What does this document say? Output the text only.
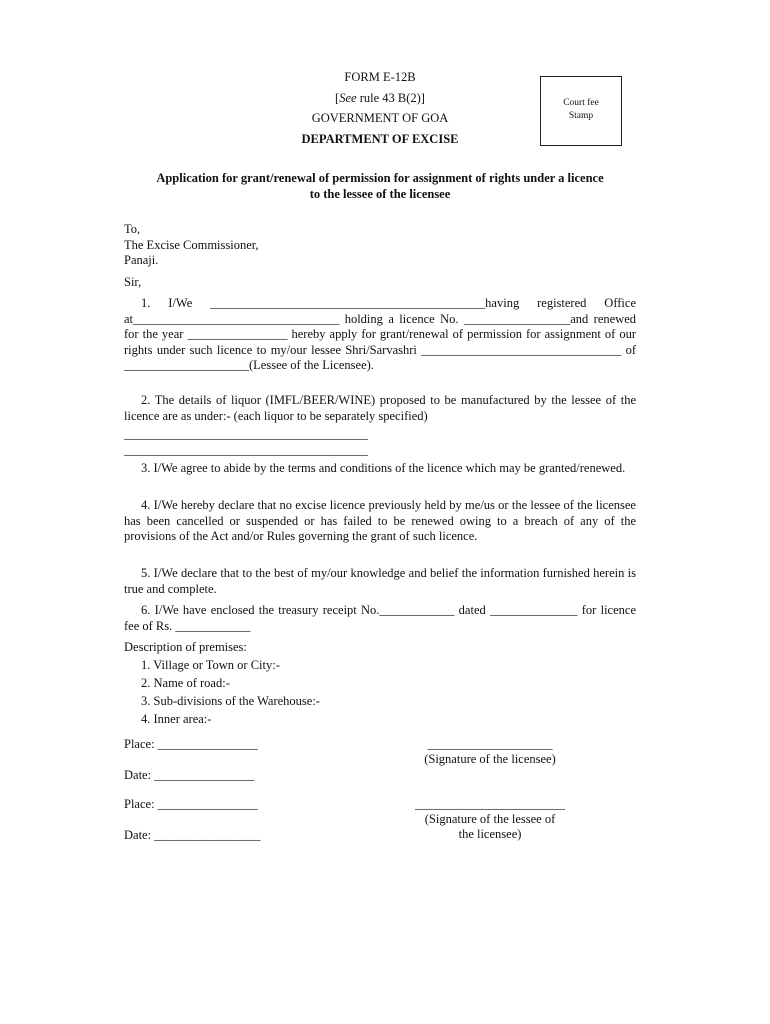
FORM E-12B
[See rule 43 B(2)]
GOVERNMENT OF GOA
DEPARTMENT OF EXCISE
Court fee
Stamp
Application for grant/renewal of permission for assignment of rights under a licence
to the lessee of the licensee
To,
The Excise Commissioner,
Panaji.
Sir,

1. I/We ____________________________________________having registered Office at_________________________________ holding a licence No. _________________and renewed for the year ________________ hereby apply for grant/renewal of permission for assignment of our rights under such licence to my/our lessee Shri/Sarvashri ________________________________ of ____________________(Lessee of the Licensee).

2. The details of liquor (IMFL/BEER/WINE) proposed to be manufactured by the lessee of the licence are as under:- (each liquor to be separately specified)

_______________________________________
_______________________________________

3. I/We agree to abide by the terms and conditions of the licence which may be granted/renewed.

4. I/We hereby declare that no excise licence previously held by me/us or the lessee of the licensee has been cancelled or suspended or has failed to be renewed owing to a breach of any of the provisions of the Act and/or Rules governing the grant of such licence.

5. I/We declare that to the best of my/our knowledge and belief the information furnished herein is true and complete.

6. I/We have enclosed the treasury receipt No.____________ dated ______________ for licence fee of Rs. ____________

Description of premises:
1. Village or Town or City:-
2. Name of road:-
3. Sub-divisions of the Warehouse:-
4. Inner area:-
Place: ________________
Date: ________________
____________________
(Signature of the licensee)
Place: ________________
Date: _________________
________________________
(Signature of the lessee of
the licensee)
